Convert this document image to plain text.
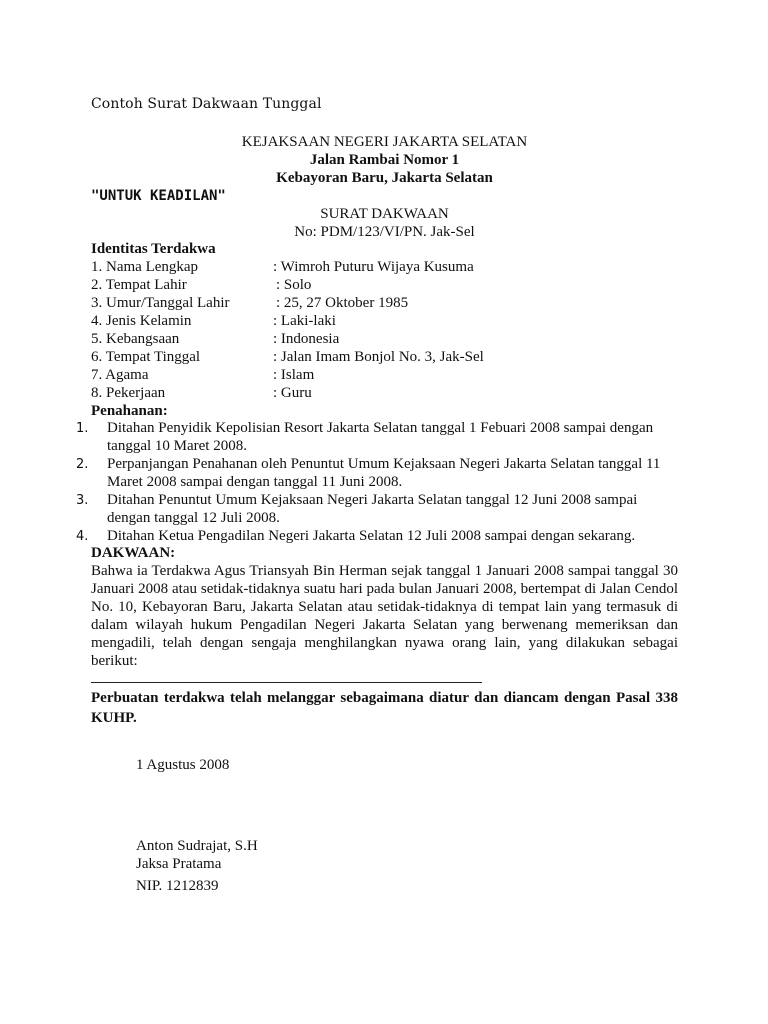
Contoh Surat Dakwaan Tunggal
KEJAKSAAN NEGERI JAKARTA SELATAN
Jalan Rambai Nomor 1
Kebayoran Baru, Jakarta Selatan
"UNTUK KEADILAN"
SURAT DAKWAAN
No: PDM/123/VI/PN. Jak-Sel
Identitas Terdakwa
1. Nama Lengkap	: Wimroh Puturu Wijaya Kusuma
2. Tempat Lahir	: Solo
3. Umur/Tanggal Lahir	: 25, 27 Oktober 1985
4. Jenis Kelamin	: Laki-laki
5. Kebangsaan	: Indonesia
6. Tempat Tinggal	: Jalan Imam Bonjol No. 3, Jak-Sel
7. Agama	: Islam
8. Pekerjaan	: Guru
Penahanan:
1. Ditahan Penyidik Kepolisian Resort Jakarta Selatan tanggal 1 Febuari 2008 sampai dengan tanggal 10 Maret 2008.
2. Perpanjangan Penahanan oleh Penuntut Umum Kejaksaan Negeri Jakarta Selatan tanggal 11 Maret 2008 sampai dengan tanggal 11 Juni 2008.
3. Ditahan Penuntut Umum Kejaksaan Negeri Jakarta Selatan tanggal 12 Juni 2008 sampai dengan tanggal 12 Juli 2008.
4. Ditahan Ketua Pengadilan Negeri Jakarta Selatan 12 Juli 2008 sampai dengan sekarang.
DAKWAAN:
Bahwa ia Terdakwa Agus Triansyah Bin Herman sejak tanggal 1 Januari 2008 sampai tanggal 30 Januari 2008 atau setidak-tidaknya suatu hari pada bulan Januari 2008, bertempat di Jalan Cendol No. 10, Kebayoran Baru, Jakarta Selatan atau setidak-tidaknya di tempat lain yang termasuk di dalam wilayah hukum Pengadilan Negeri Jakarta Selatan yang berwenang memeriksan dan mengadili, telah dengan sengaja menghilangkan nyawa orang lain, yang dilakukan sebagai berikut:
Perbuatan terdakwa telah melanggar sebagaimana diatur dan diancam dengan Pasal 338 KUHP.
1 Agustus 2008
Anton Sudrajat, S.H
Jaksa Pratama
NIP. 1212839
